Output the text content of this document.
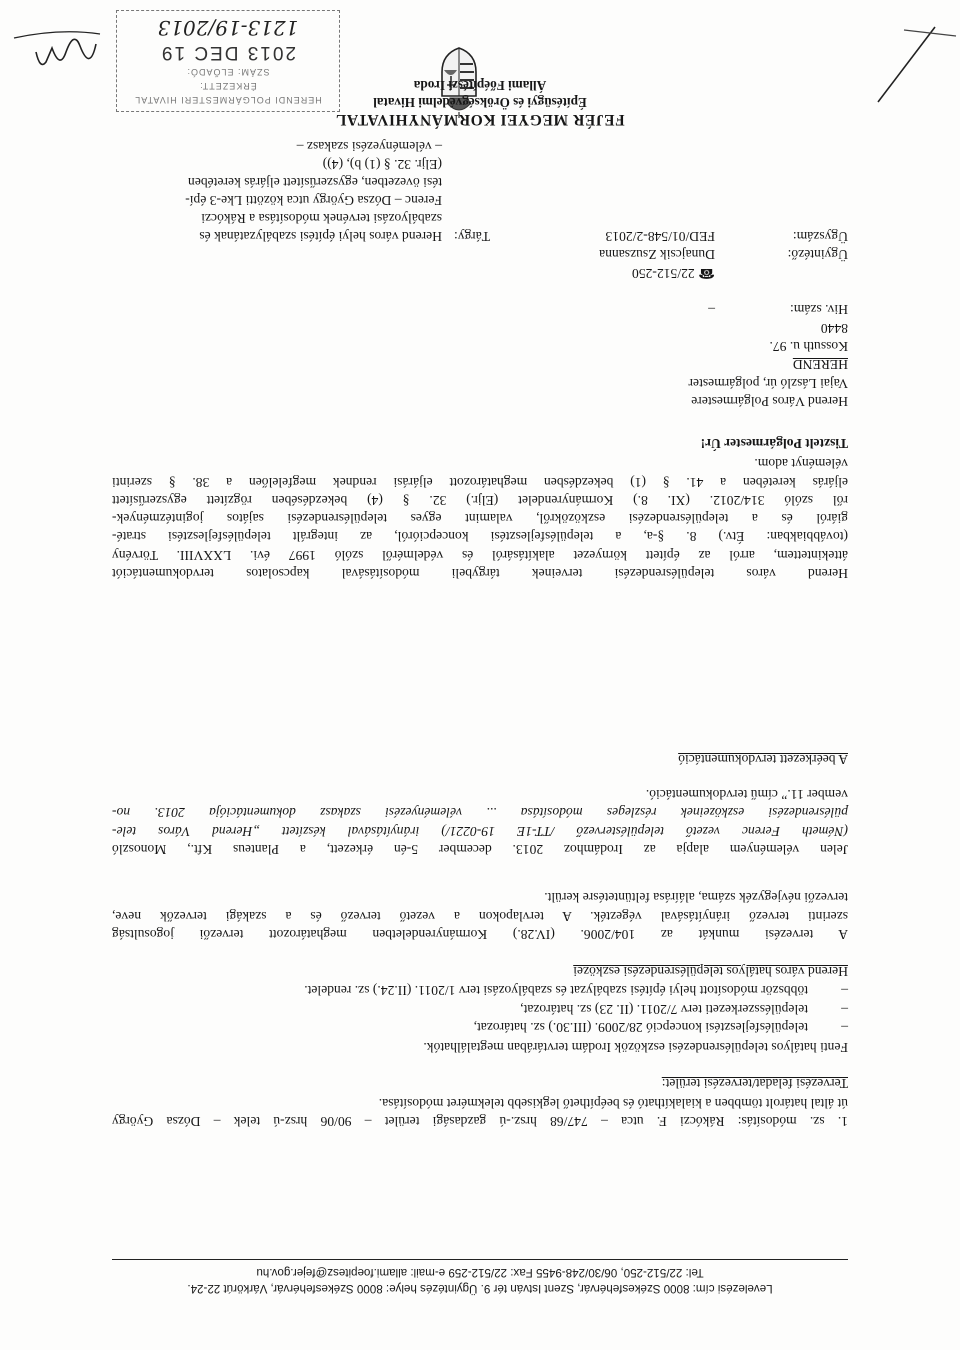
FEJÉR MEGYEI KORMÁNYHIVATAL
Építésügyi és Örökségvédelmi Hivatal
Állami Főépítészi Iroda
HERENDI POLGÁRMESTERI HIVATAL
ÉRKEZETT:
SZÁM: ELŐADÓ:
2013 DEC 19
1213-19/2013
Ügyszám:
FED/01/548-2/2013
Ügyintéző:
Dunajcsik Zsuzsanna
☎ 22/512-250
Hiv. szám:
–
Tárgy:
Herend város helyi építési szabályzatának és
szabályozási tervének módosítása a Rákóczi
Ferenc – Dózsa György utca közötti Lke-3 épí-
tési övezetben, egyszerűsített eljárás keretében
(Eljr. 32. § (1) b), (4))
– véleményezési szakasz –
Herend Város Polgármestere
Vajai László úr, polgármester
HEREND
Kossuth u. 97.
8440
Tisztelt Polgármester Úr!
Herend város településrendezési terveinek tárgybeli módosításával kapcsolatos tervdokumentációt
áttekintettem, arról az épített környezet alakításáról és védelméről szóló 1997 évi. LXXVIII. Törvény
(továbbiakban: Étv.) 8. §-a, a településfejlesztési koncepcióról, az integrált településfejlesztési straté-
giáról és a településrendezési eszközökről, valamint egyes településrendezési sajátos jogintézmények-
ről szóló 314/2012. (XI. 8.) Kormányrendelet (Eljr.) 32. § (4) bekezdésében rögzített egyszerűsített
eljárás keretében a 41. § (1) bekezdésben meghatározott eljárási rendnek megfelelően a 38. § szerinti
véleményt adom.
A beérkezett tervdokumentáció
Jelen véleményem alapja az Irodámhoz 2013. december 5-én érkezett, a Planteus Kft., Monoszló
(Németh Ferenc vezető településtervező /TT-1E 19-0221/) irányításával készített „Herend Város tele-
pülésrendezési eszközeinek részleges módosítása ... véleményezési szakasz dokumentációja 2013. no-
vember 11.” című tervdokumentáció.
A tervezési munkát az 104/2006. (IV.28.) Kormányrendeletben meghatározott tervezői jogosultság
szerinti tervező irányításával végezték. A tervlapokon a vezető tervező és a szakági tervezők neve,
tervezői névjegyzék száma, aláírása feltüntetésre került.
Herend város hatályos településrendezési eszközei
–településfejlesztési koncepció 28/2009. (III.30.) sz. határozat,
–településszerkezeti terv 7/2011. (II. 23) sz. határozat,
–többször módosított helyi építési szabályzat és szabályozási terv 1/2011. (II.24.) sz. rendelet.
Fenti hatályos településrendezési eszközök Irodám tervtárában megtalálhatók.
Tervezési feladat/tervezési terület:
1. sz. módosítás: Rákóczi F. utca – 747/68 hrsz.-ú gazdasági terület – 90/06 hrsz-ú telek – Dózsa György
út által határolt tömbben a kialakítható és beépíthető legkisebb telekméret módosítása.
Levelezési cím: 8000 Székesfehérvár, Szent István tér 9. Ügyintézés helye: 8000 Székesfehérvár, Várkörút 22-24.
Tel: 22/512-250, 06/30/248-9455 Fax: 22/512-259 e-mail: allami.foepitesz@fejer.gov.hu
